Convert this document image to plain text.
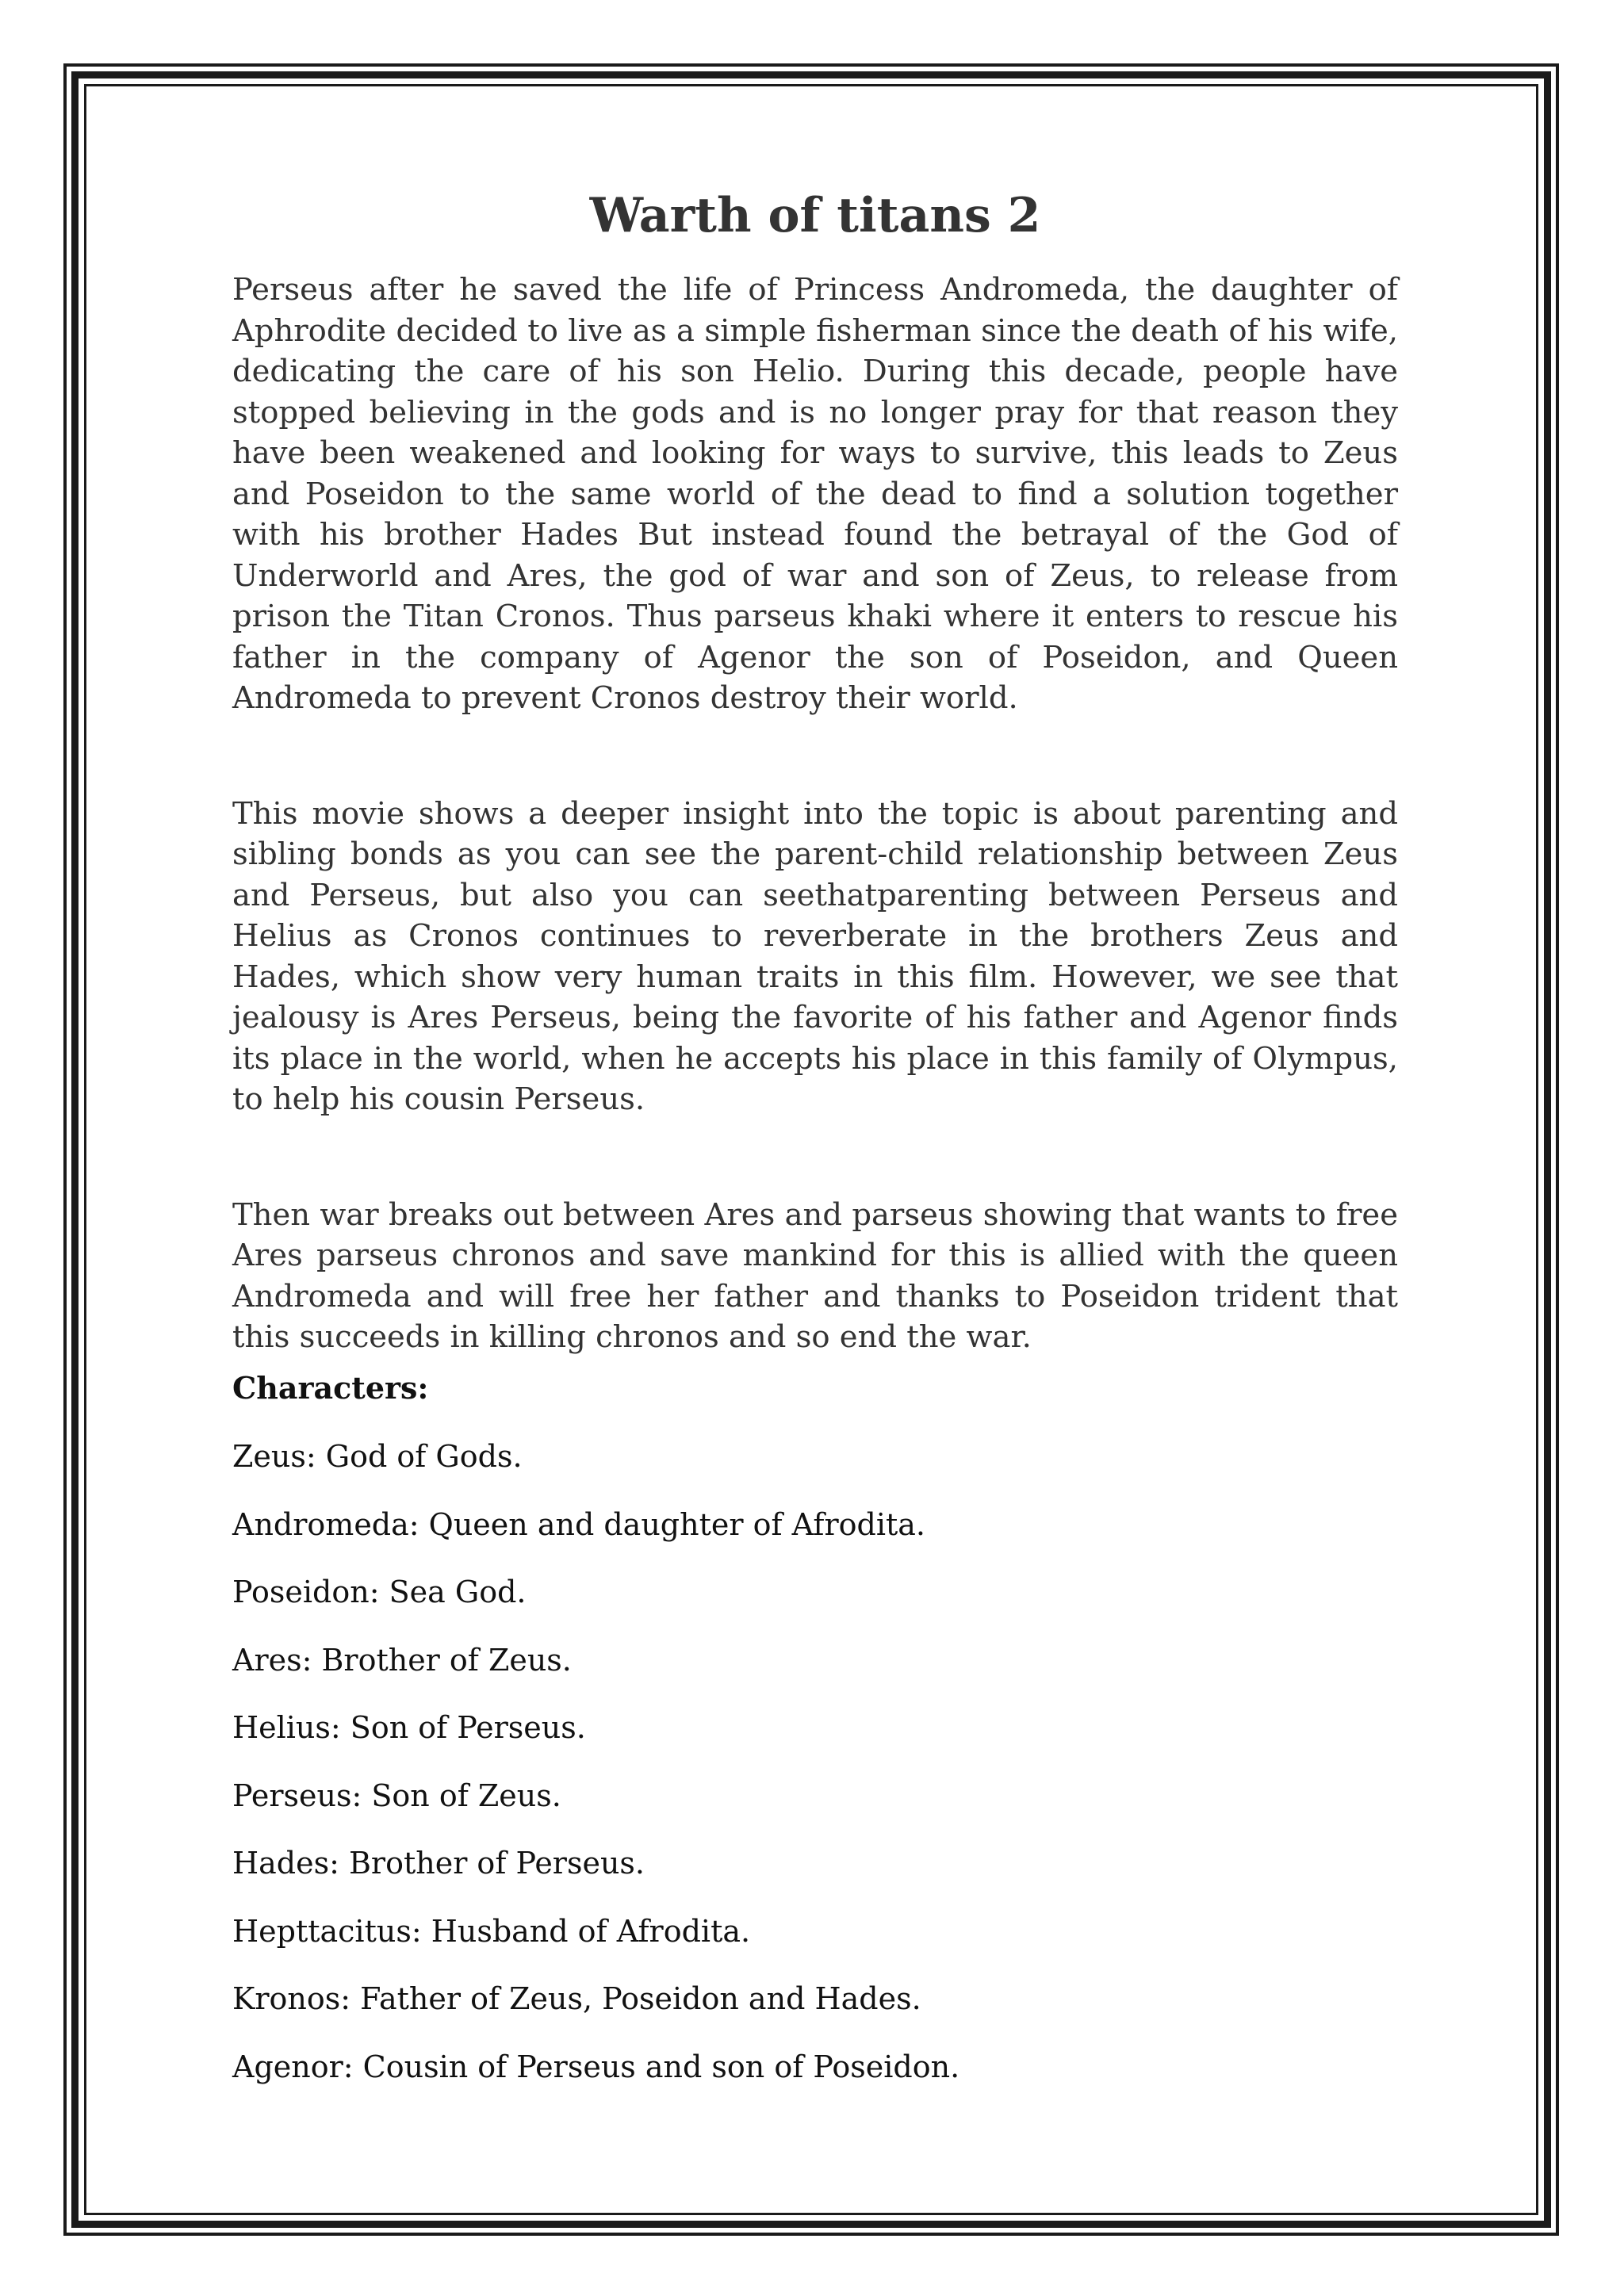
Warth of titans 2

Perseus after he saved the life of Princess Andromeda, the daughter of Aphrodite decided to live as a simple fisherman since the death of his wife, dedicating the care of his son Helio. During this decade, people have stopped believing in the gods and is no longer pray for that reason they have been weakened and looking for ways to survive, this leads to Zeus and Poseidon to the same world of the dead to find a solution together with his brother Hades But instead found the betrayal of the God of Underworld and Ares, the god of war and son of Zeus, to release from prison the Titan Cronos. Thus parseus khaki where it enters to rescue his father in the company of Agenor the son of Poseidon, and Queen Andromeda to prevent Cronos destroy their world.

This movie shows a deeper insight into the topic is about parenting and sibling bonds as you can see the parent-child relationship between Zeus and Perseus, but also you can seethatparenting between Perseus and Helius as Cronos continues to reverberate in the brothers Zeus and Hades, which show very human traits in this film. However, we see that jealousy is Ares Perseus, being the favorite of his father and Agenor finds its place in the world, when he accepts his place in this family of Olympus, to help his cousin Perseus.

Then war breaks out between Ares and parseus showing that wants to free Ares parseus chronos and save mankind for this is allied with the queen Andromeda and will free her father and thanks to Poseidon trident that this succeeds in killing chronos and so end the war.

Characters:

Zeus: God of Gods.
Andromeda: Queen and daughter of Afrodita.
Poseidon: Sea God.
Ares: Brother of Zeus.
Helius: Son of Perseus.
Perseus: Son of Zeus.
Hades: Brother of Perseus.
Hepttacitus: Husband of Afrodita.
Kronos: Father of Zeus, Poseidon and Hades.
Agenor: Cousin of Perseus and son of Poseidon.
